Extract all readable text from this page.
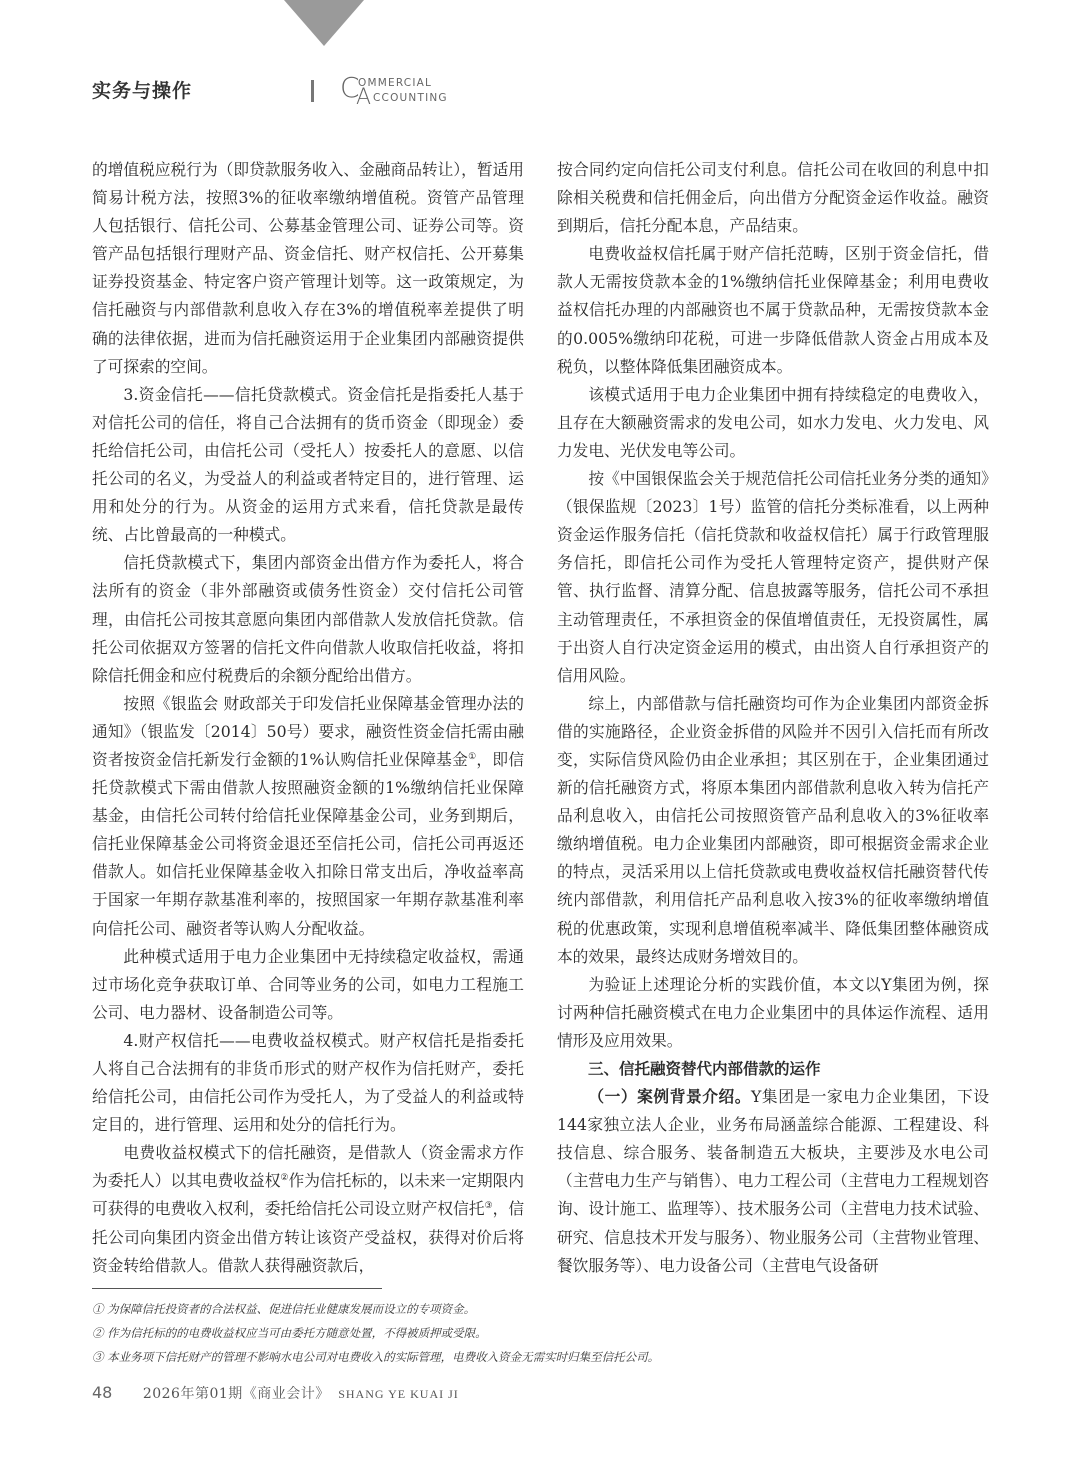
实务与操作	C
OMMERCIAL
A CCOUNTING

的增值税应税行为（即贷款服务收入、金融商品转让），暂适用简易计税方法，按照3%的征收率缴纳增值税。资管产品管理人包括银行、信托公司、公募基金管理公司、证券公司等。资管产品包括银行理财产品、资金信托、财产权信托、公开募集证券投资基金、特定客户资产管理计划等。这一政策规定，为信托融资与内部借款利息收入存在3%的增值税率差提供了明确的法律依据，进而为信托融资运用于企业集团内部融资提供了可探索的空间。

3.资金信托——信托贷款模式。资金信托是指委托人基于对信托公司的信任，将自己合法拥有的货币资金（即现金）委托给信托公司，由信托公司（受托人）按委托人的意愿、以信托公司的名义，为受益人的利益或者特定目的，进行管理、运用和处分的行为。从资金的运用方式来看，信托贷款是最传统、占比曾最高的一种模式。

信托贷款模式下，集团内部资金出借方作为委托人，将合法所有的资金（非外部融资或债务性资金）交付信托公司管理，由信托公司按其意愿向集团内部借款人发放信托贷款。信托公司依据双方签署的信托文件向借款人收取信托收益，将扣除信托佣金和应付税费后的余额分配给出借方。

按照《银监会 财政部关于印发信托业保障基金管理办法的通知》（银监发〔2014〕50号）要求，融资性资金信托需由融资者按资金信托新发行金额的1%认购信托业保障基金①，即信托贷款模式下需由借款人按照融资金额的1%缴纳信托业保障基金，由信托公司转付给信托业保障基金公司，业务到期后，信托业保障基金公司将资金退还至信托公司，信托公司再返还借款人。如信托业保障基金收入扣除日常支出后，净收益率高于国家一年期存款基准利率的，按照国家一年期存款基准利率向信托公司、融资者等认购人分配收益。

此种模式适用于电力企业集团中无持续稳定收益权，需通过市场化竞争获取订单、合同等业务的公司，如电力工程施工公司、电力器材、设备制造公司等。

4.财产权信托——电费收益权模式。财产权信托是指委托人将自己合法拥有的非货币形式的财产权作为信托财产，委托给信托公司，由信托公司作为受托人，为了受益人的利益或特定目的，进行管理、运用和处分的信托行为。

电费收益权模式下的信托融资，是借款人（资金需求方作为委托人）以其电费收益权②作为信托标的，以未来一定期限内可获得的电费收入权利，委托给信托公司设立财产权信托③，信托公司向集团内资金出借方转让该资产受益权，获得对价后将资金转给借款人。借款人获得融资款后，

按合同约定向信托公司支付利息。信托公司在收回的利息中扣除相关税费和信托佣金后，向出借方分配资金运作收益。融资到期后，信托分配本息，产品结束。

电费收益权信托属于财产信托范畴，区别于资金信托，借款人无需按贷款本金的1%缴纳信托业保障基金；利用电费收益权信托办理的内部融资也不属于贷款品种，无需按贷款本金的0.005%缴纳印花税，可进一步降低借款人资金占用成本及税负，以整体降低集团融资成本。

该模式适用于电力企业集团中拥有持续稳定的电费收入，且存在大额融资需求的发电公司，如水力发电、火力发电、风力发电、光伏发电等公司。

按《中国银保监会关于规范信托公司信托业务分类的通知》（银保监规〔2023〕1号）监管的信托分类标准看，以上两种资金运作服务信托（信托贷款和收益权信托）属于行政管理服务信托，即信托公司作为受托人管理特定资产，提供财产保管、执行监督、清算分配、信息披露等服务，信托公司不承担主动管理责任，不承担资金的保值增值责任，无投资属性，属于出资人自行决定资金运用的模式，由出资人自行承担资产的信用风险。

综上，内部借款与信托融资均可作为企业集团内部资金拆借的实施路径，企业资金拆借的风险并不因引入信托而有所改变，实际信贷风险仍由企业承担；其区别在于，企业集团通过新的信托融资方式，将原本集团内部借款利息收入转为信托产品利息收入，由信托公司按照资管产品利息收入的3%征收率缴纳增值税。电力企业集团内部融资，即可根据资金需求企业的特点，灵活采用以上信托贷款或电费收益权信托融资替代传统内部借款，利用信托产品利息收入按3%的征收率缴纳增值税的优惠政策，实现利息增值税率减半、降低集团整体融资成本的效果，最终达成财务增效目的。

为验证上述理论分析的实践价值，本文以Y集团为例，探讨两种信托融资模式在电力企业集团中的具体运作流程、适用情形及应用效果。

三、信托融资替代内部借款的运作

（一）案例背景介绍。Y集团是一家电力企业集团，下设144家独立法人企业，业务布局涵盖综合能源、工程建设、科技信息、综合服务、装备制造五大板块，主要涉及水电公司（主营电力生产与销售）、电力工程公司（主营电力工程规划咨询、设计施工、监理等）、技术服务公司（主营电力技术试验、研究、信息技术开发与服务）、物业服务公司（主营物业管理、餐饮服务等）、电力设备公司（主营电气设备研

① 为保障信托投资者的合法权益、促进信托业健康发展而设立的专项资金。
② 作为信托标的的电费收益权应当可由委托方随意处置，不得被质押或受限。
③ 本业务项下信托财产的管理不影响水电公司对电费收入的实际管理，电费收入资金无需实时归集至信托公司。
48 2026年第01期《商业会计》 SHANG YE KUAI JI
